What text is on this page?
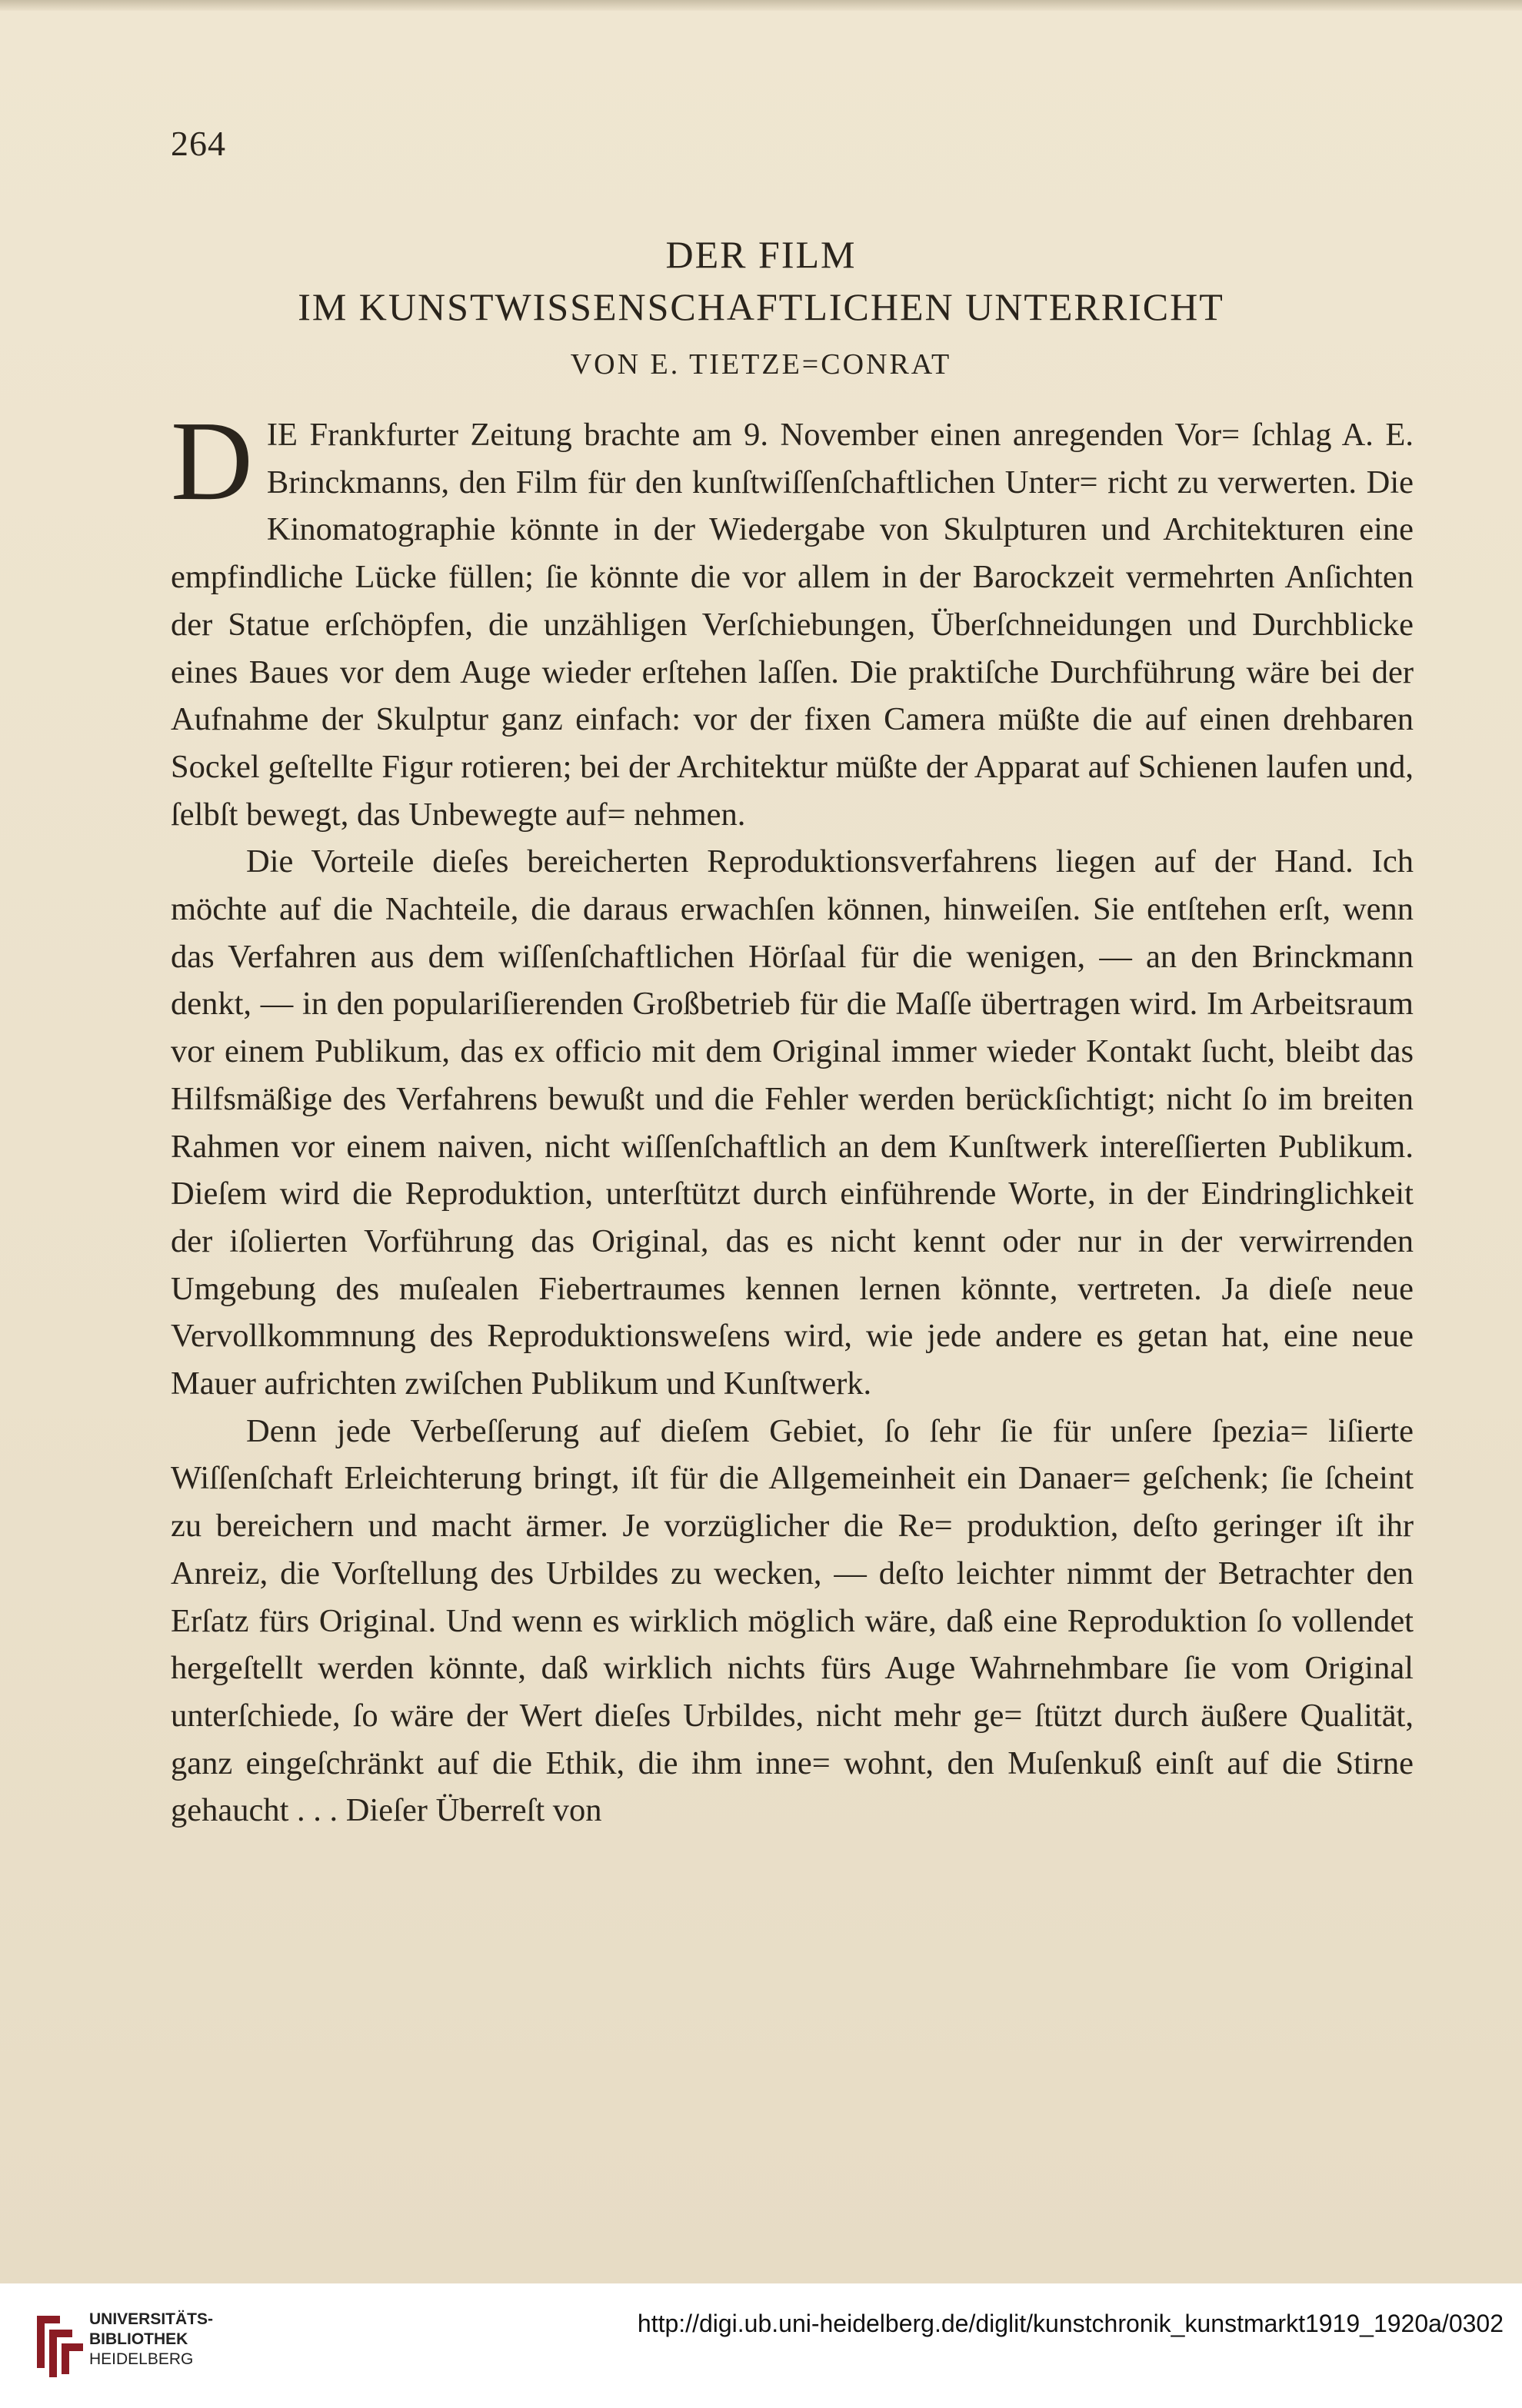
264
DER FILM
IM KUNSTWISSENSCHAFTLICHEN UNTERRICHT
VON E. TIETZE=CONRAT

D IE Frankfurter Zeitung brachte am 9. November einen anregenden Vor= ſchlag A. E. Brinckmanns, den Film für den kunſtwiſſenſchaftlichen Unter= richt zu verwerten. Die Kinomatographie könnte in der Wiedergabe von Skulpturen und Architekturen eine empfindliche Lücke füllen; ſie könnte die vor allem in der Barockzeit vermehrten Anſichten der Statue erſchöpfen, die unzähligen Verſchiebungen, Überſchneidungen und Durchblicke eines Baues vor dem Auge wieder erſtehen laſſen. Die praktiſche Durchführung wäre bei der Aufnahme der Skulptur ganz einfach: vor der fixen Camera müßte die auf einen drehbaren Sockel geſtellte Figur rotieren; bei der Architektur müßte der Apparat auf Schienen laufen und, ſelbſt bewegt, das Unbewegte auf= nehmen.

Die Vorteile dieſes bereicherten Reproduktionsverfahrens liegen auf der Hand. Ich möchte auf die Nachteile, die daraus erwachſen können, hinweiſen. Sie entſtehen erſt, wenn das Verfahren aus dem wiſſenſchaftlichen Hörſaal für die wenigen, — an den Brinckmann denkt, — in den populariſierenden Großbetrieb für die Maſſe übertragen wird. Im Arbeitsraum vor einem Publikum, das ex officio mit dem Original immer wieder Kontakt ſucht, bleibt das Hilfsmäßige des Verfahrens bewußt und die Fehler werden berückſichtigt; nicht ſo im breiten Rahmen vor einem naiven, nicht wiſſenſchaftlich an dem Kunſtwerk intereſſierten Publikum. Dieſem wird die Reproduktion, unterſtützt durch einführende Worte, in der Eindringlichkeit der iſolierten Vorführung das Original, das es nicht kennt oder nur in der verwirrenden Umgebung des muſealen Fiebertraumes kennen lernen könnte, vertreten. Ja dieſe neue Vervollkommnung des Reproduktionsweſens wird, wie jede andere es getan hat, eine neue Mauer aufrichten zwiſchen Publikum und Kunſtwerk.

Denn jede Verbeſſerung auf dieſem Gebiet, ſo ſehr ſie für unſere ſpezia= liſierte Wiſſenſchaft Erleichterung bringt, iſt für die Allgemeinheit ein Danaer= geſchenk; ſie ſcheint zu bereichern und macht ärmer. Je vorzüglicher die Re= produktion, deſto geringer iſt ihr Anreiz, die Vorſtellung des Urbildes zu wecken, — deſto leichter nimmt der Betrachter den Erſatz fürs Original. Und wenn es wirklich möglich wäre, daß eine Reproduktion ſo vollendet hergeſtellt werden könnte, daß wirklich nichts fürs Auge Wahrnehmbare ſie vom Original unterſchiede, ſo wäre der Wert dieſes Urbildes, nicht mehr ge= ſtützt durch äußere Qualität, ganz eingeſchränkt auf die Ethik, die ihm inne= wohnt, den Muſenkuß einſt auf die Stirne gehaucht . . . Dieſer Überreſt von

UNIVERSITÄTS-
BIBLIOTHEK
HEIDELBERG
http://digi.ub.uni-heidelberg.de/diglit/kunstchronik_kunstmarkt1919_1920a/0302
